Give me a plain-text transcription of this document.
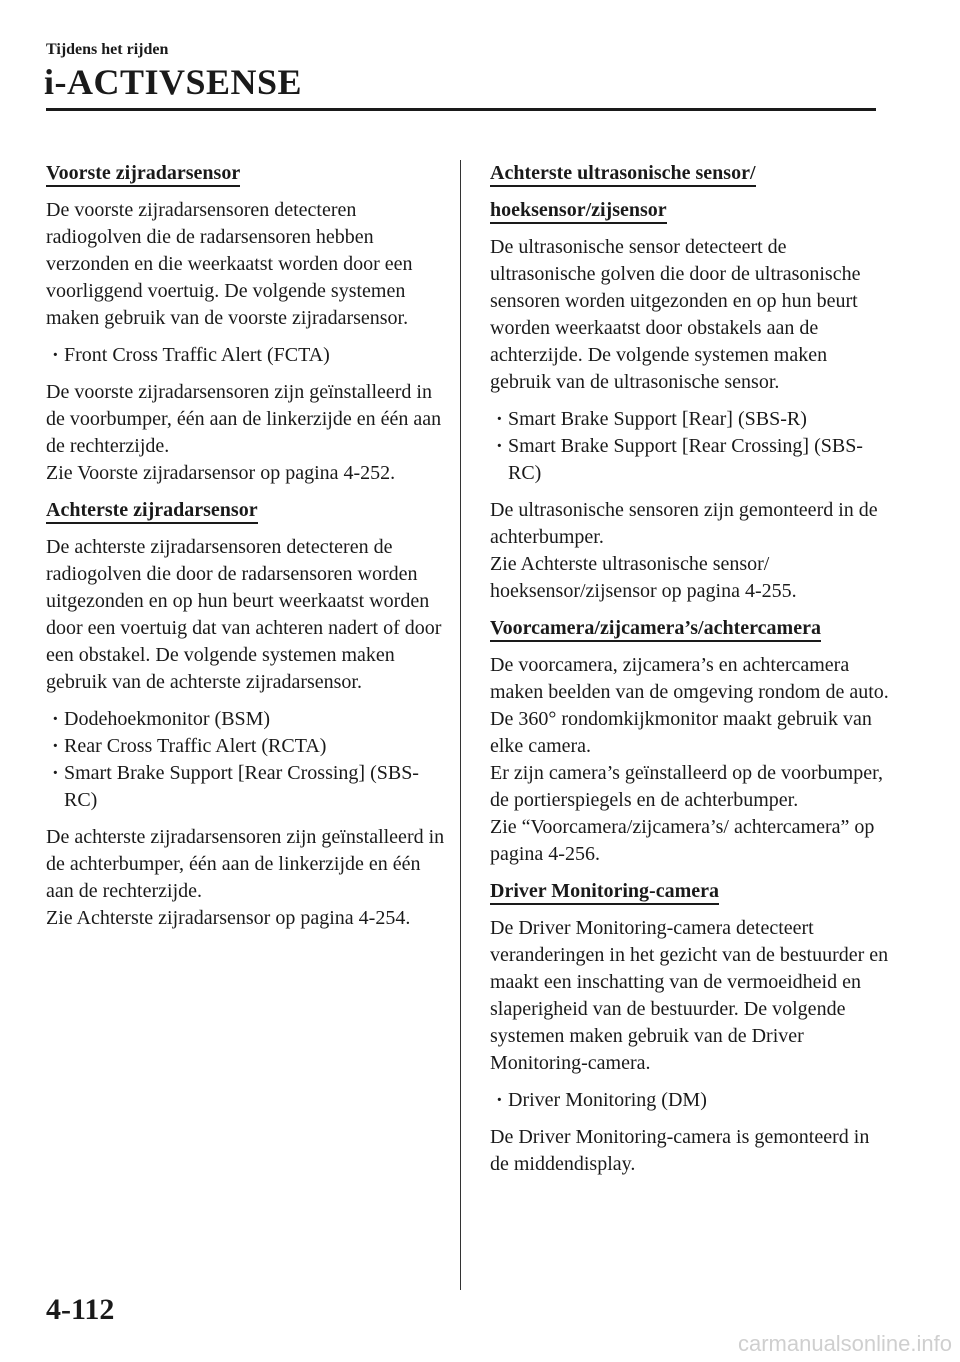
Tijdens het rijden
i-ACTIVSENSE
Voorste zijradarsensor

De voorste zijradarsensoren detecteren radiogolven die de radarsensoren hebben verzonden en die weerkaatst worden door een voorliggend voertuig. De volgende systemen maken gebruik van de voorste zijradarsensor.

· Front Cross Traffic Alert (FCTA)

De voorste zijradarsensoren zijn geïnstalleerd in de voorbumper, één aan de linkerzijde en één aan de rechterzijde.

Zie Voorste zijradarsensor op pagina 4-252.

Achterste zijradarsensor

De achterste zijradarsensoren detecteren de radiogolven die door de radarsensoren worden uitgezonden en op hun beurt weerkaatst worden door een voertuig dat van achteren nadert of door een obstakel. De volgende systemen maken gebruik van de achterste zijradarsensor.

· Dodehoekmonitor (BSM)
· Rear Cross Traffic Alert (RCTA)
· Smart Brake Support [Rear Crossing] (SBS-RC)

De achterste zijradarsensoren zijn geïnstalleerd in de achterbumper, één aan de linkerzijde en één aan de rechterzijde.

Zie Achterste zijradarsensor op pagina 4-254.

Achterste ultrasonische sensor/
hoeksensor/zijsensor

De ultrasonische sensor detecteert de ultrasonische golven die door de ultrasonische sensoren worden uitgezonden en op hun beurt worden weerkaatst door obstakels aan de achterzijde. De volgende systemen maken gebruik van de ultrasonische sensor.

· Smart Brake Support [Rear] (SBS-R)
· Smart Brake Support [Rear Crossing] (SBS-RC)

De ultrasonische sensoren zijn gemonteerd in de achterbumper.

Zie Achterste ultrasonische sensor/ hoeksensor/zijsensor op pagina 4-255.

Voorcamera/zijcamera’s/achtercamera

De voorcamera, zijcamera’s en achtercamera maken beelden van de omgeving rondom de auto. De 360° rondomkijkmonitor maakt gebruik van elke camera.

Er zijn camera’s geïnstalleerd op de voorbumper, de portierspiegels en de achterbumper.

Zie “Voorcamera/zijcamera’s/ achtercamera” op pagina 4-256.

Driver Monitoring-camera

De Driver Monitoring-camera detecteert veranderingen in het gezicht van de bestuurder en maakt een inschatting van de vermoeidheid en slaperigheid van de bestuurder. De volgende systemen maken gebruik van de Driver Monitoring-camera.

· Driver Monitoring (DM)

De Driver Monitoring-camera is gemonteerd in de middendisplay.

4-112
carmanualsonline.info
